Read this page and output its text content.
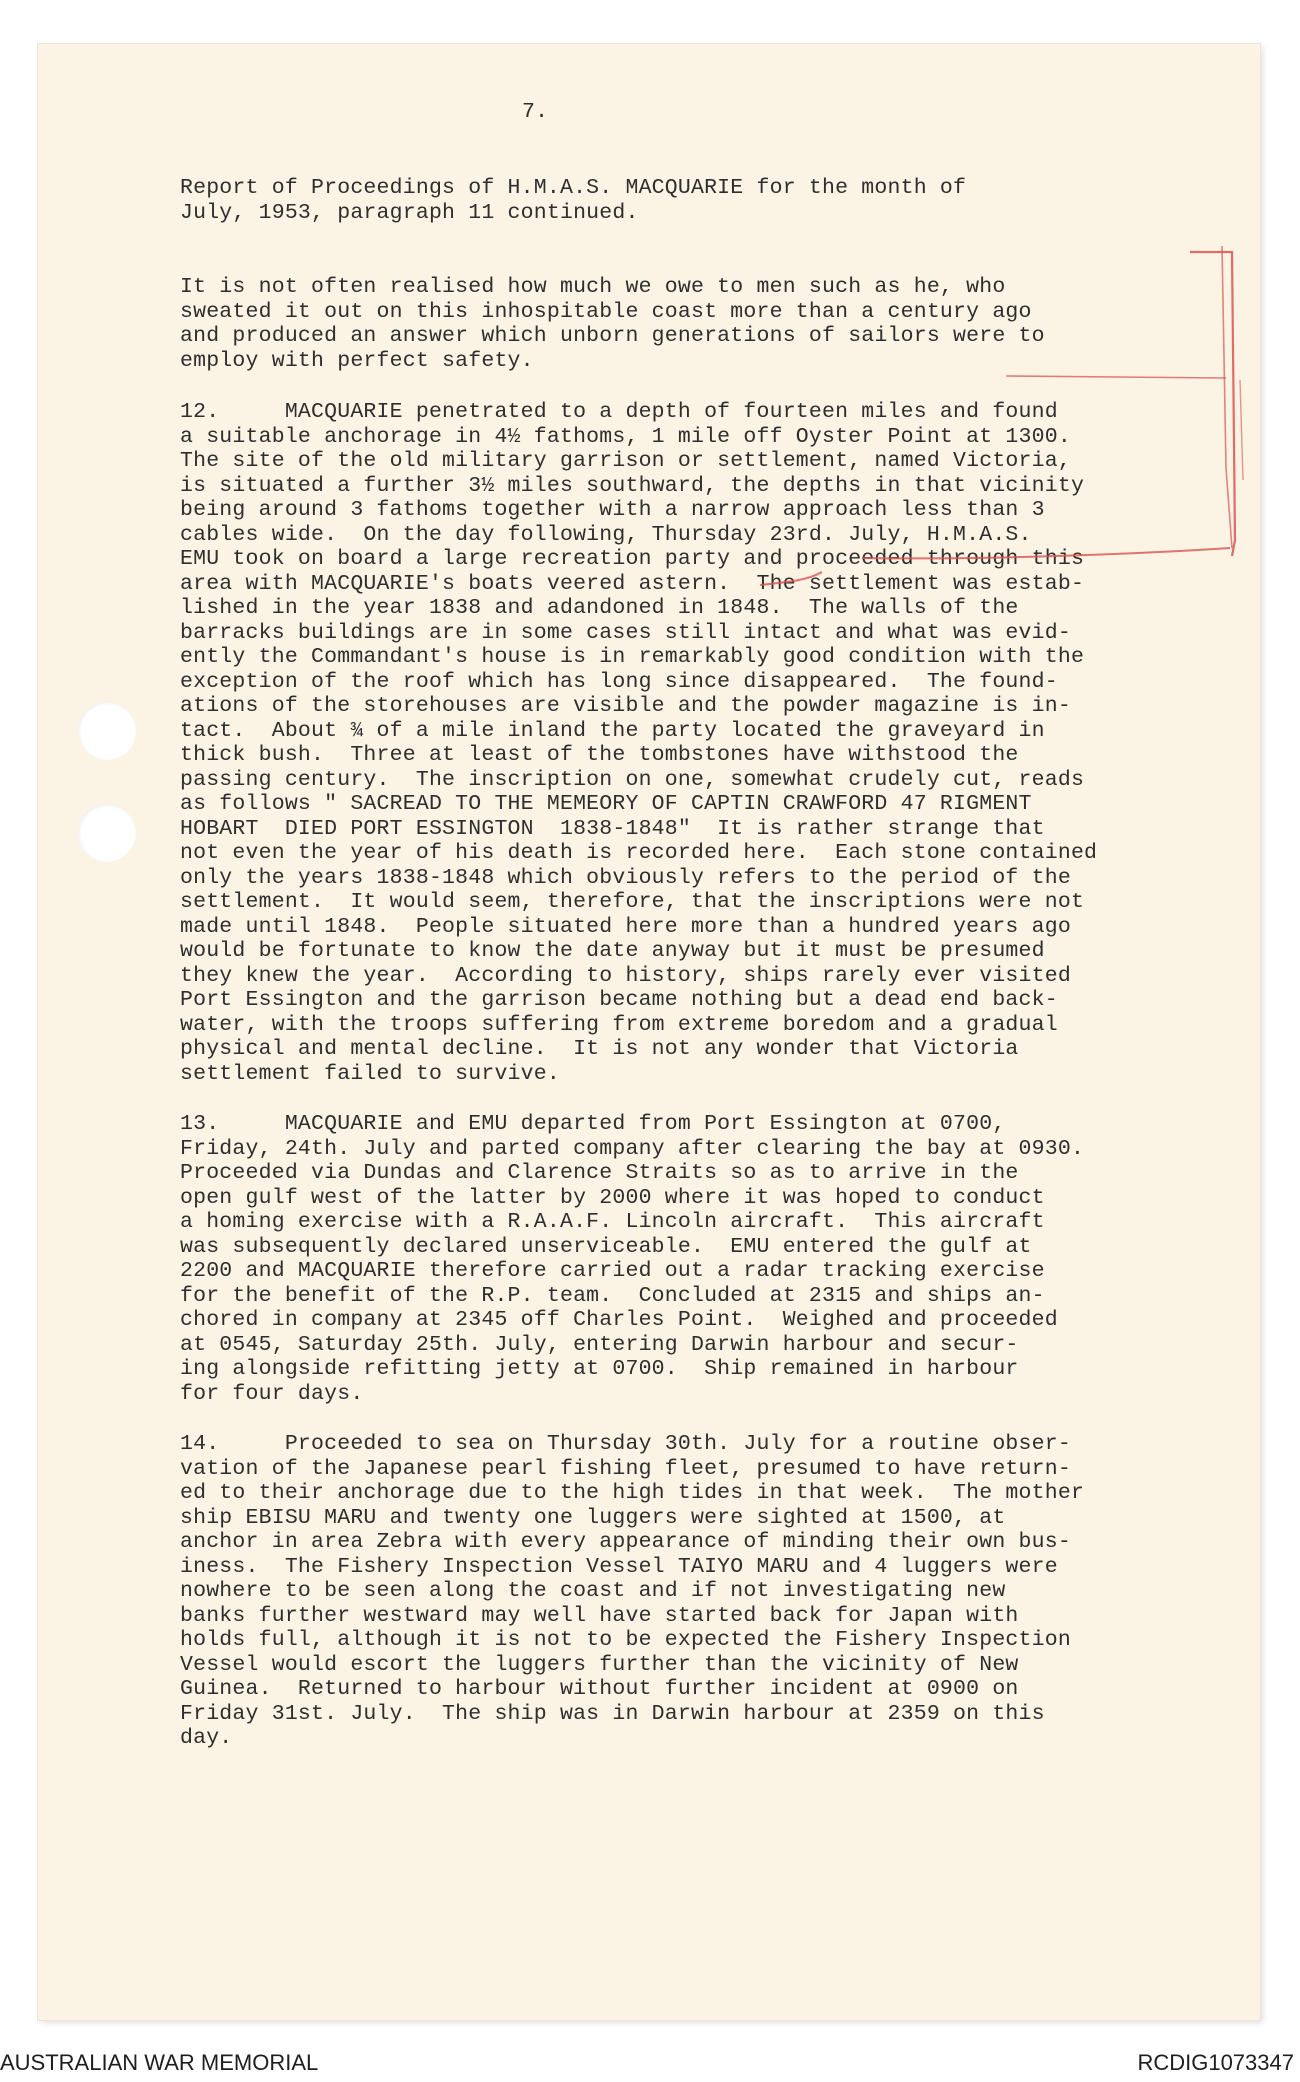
7.
Report of Proceedings of H.M.A.S. MACQUARIE for the month of
July, 1953, paragraph 11 continued.
It is not often realised how much we owe to men such as he, who
sweated it out on this inhospitable coast more than a century ago
and produced an answer which unborn generations of sailors were to
employ with perfect safety.
12.     MACQUARIE penetrated to a depth of fourteen miles and found
a suitable anchorage in 4½ fathoms, 1 mile off Oyster Point at 1300.
The site of the old military garrison or settlement, named Victoria,
is situated a further 3½ miles southward, the depths in that vicinity
being around 3 fathoms together with a narrow approach less than 3
cables wide.  On the day following, Thursday 23rd. July, H.M.A.S.
EMU took on board a large recreation party and proceeded through this
area with MACQUARIE's boats veered astern.  The settlement was estab-
lished in the year 1838 and adandoned in 1848.  The walls of the
barracks buildings are in some cases still intact and what was evid-
ently the Commandant's house is in remarkably good condition with the
exception of the roof which has long since disappeared.  The found-
ations of the storehouses are visible and the powder magazine is in-
tact.  About ¾ of a mile inland the party located the graveyard in
thick bush.  Three at least of the tombstones have withstood the
passing century.  The inscription on one, somewhat crudely cut, reads
as follows " SACREAD TO THE MEMEORY OF CAPTIN CRAWFORD 47 RIGMENT
HOBART  DIED PORT ESSINGTON  1838-1848"  It is rather strange that
not even the year of his death is recorded here.  Each stone contained
only the years 1838-1848 which obviously refers to the period of the
settlement.  It would seem, therefore, that the inscriptions were not
made until 1848.  People situated here more than a hundred years ago
would be fortunate to know the date anyway but it must be presumed
they knew the year.  According to history, ships rarely ever visited
Port Essington and the garrison became nothing but a dead end back-
water, with the troops suffering from extreme boredom and a gradual
physical and mental decline.  It is not any wonder that Victoria
settlement failed to survive.
13.     MACQUARIE and EMU departed from Port Essington at 0700,
Friday, 24th. July and parted company after clearing the bay at 0930.
Proceeded via Dundas and Clarence Straits so as to arrive in the
open gulf west of the latter by 2000 where it was hoped to conduct
a homing exercise with a R.A.A.F. Lincoln aircraft.  This aircraft
was subsequently declared unserviceable.  EMU entered the gulf at
2200 and MACQUARIE therefore carried out a radar tracking exercise
for the benefit of the R.P. team.  Concluded at 2315 and ships an-
chored in company at 2345 off Charles Point.  Weighed and proceeded
at 0545, Saturday 25th. July, entering Darwin harbour and secur-
ing alongside refitting jetty at 0700.  Ship remained in harbour
for four days.
14.     Proceeded to sea on Thursday 30th. July for a routine obser-
vation of the Japanese pearl fishing fleet, presumed to have return-
ed to their anchorage due to the high tides in that week.  The mother
ship EBISU MARU and twenty one luggers were sighted at 1500, at
anchor in area Zebra with every appearance of minding their own bus-
iness.  The Fishery Inspection Vessel TAIYO MARU and 4 luggers were
nowhere to be seen along the coast and if not investigating new
banks further westward may well have started back for Japan with
holds full, although it is not to be expected the Fishery Inspection
Vessel would escort the luggers further than the vicinity of New
Guinea.  Returned to harbour without further incident at 0900 on
Friday 31st. July.  The ship was in Darwin harbour at 2359 on this
day.
AUSTRALIAN WAR MEMORIAL	RCDIG1073347
